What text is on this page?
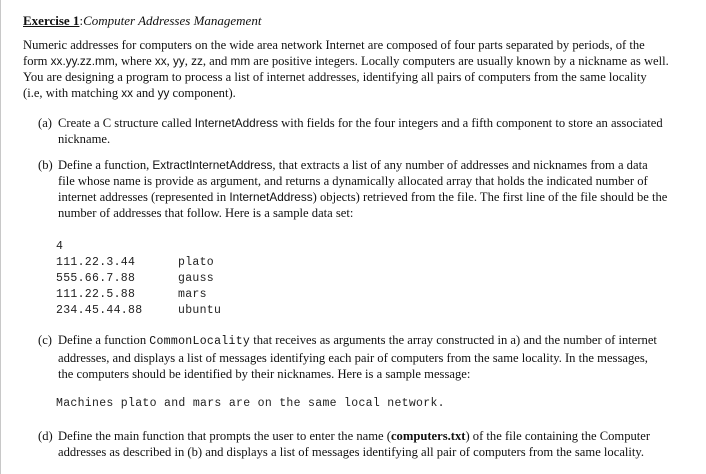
Exercise 1:Computer Addresses Management
Numeric addresses for computers on the wide area network Internet are composed of four parts separated by periods, of the
form xx.yy.zz.mm, where xx, yy, zz, and mm are positive integers. Locally computers are usually known by a nickname as well.
You are designing a program to process a list of internet addresses, identifying all pairs of computers from the same locality
(i.e, with matching xx and yy component).
(a) Create a C structure called InternetAddress with fields for the four integers and a fifth component to store an associated
nickname.
(b) Define a function, ExtractInternetAddress, that extracts a list of any number of addresses and nicknames from a data
file whose name is provide as argument, and returns a dynamically allocated array that holds the indicated number of
internet addresses (represented in InternetAddress) objects) retrieved from the file. The first line of the file should be the
number of addresses that follow. Here is a sample data set:
4
111.22.3.44	plato
555.66.7.88	gauss
111.22.5.88	mars
234.45.44.88	ubuntu
(c) Define a function CommonLocality that receives as arguments the array constructed in a) and the number of internet
addresses, and displays a list of messages identifying each pair of computers from the same locality. In the messages,
the computers should be identified by their nicknames. Here is a sample message:
Machines plato and mars are on the same local network.
(d) Define the main function that prompts the user to enter the name (computers.txt) of the file containing the Computer
addresses as described in (b) and displays a list of messages identifying all pair of computers from the same locality.
